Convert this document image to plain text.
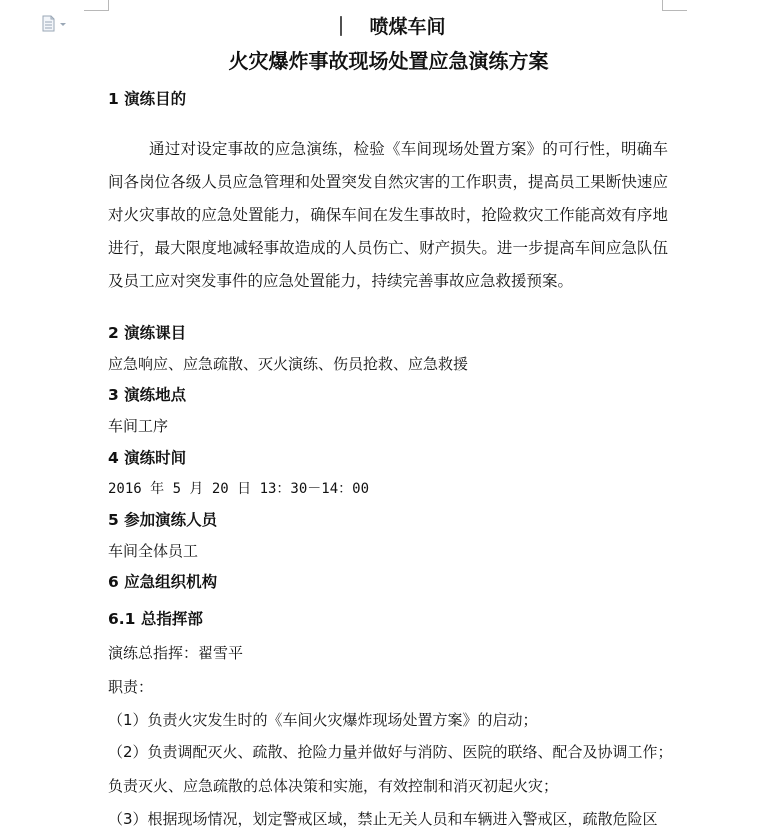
｜　喷煤车间
火灾爆炸事故现场处置应急演练方案
1 演练目的
通过对设定事故的应急演练，检验《车间现场处置方案》的可行性，明确车间各岗位各级人员应急管理和处置突发自然灾害的工作职责，提高员工果断快速应对火灾事故的应急处置能力，确保车间在发生事故时，抢险救灾工作能高效有序地进行，最大限度地减轻事故造成的人员伤亡、财产损失。进一步提高车间应急队伍及员工应对突发事件的应急处置能力，持续完善事故应急救援预案。
2 演练课目
应急响应、应急疏散、灭火演练、伤员抢救、应急救援
3 演练地点
车间工序
4 演练时间
2016 年 5 月 20 日 13：30－14：00
5 参加演练人员
车间全体员工
6 应急组织机构
6.1 总指挥部
演练总指挥：翟雪平
职责：
（1）负责火灾发生时的《车间火灾爆炸现场处置方案》的启动；
（2）负责调配灭火、疏散、抢险力量并做好与消防、医院的联络、配合及协调工作；
负责灭火、应急疏散的总体决策和实施，有效控制和消灭初起火灾；
（3）根据现场情况，划定警戒区域，禁止无关人员和车辆进入警戒区，疏散危险区
